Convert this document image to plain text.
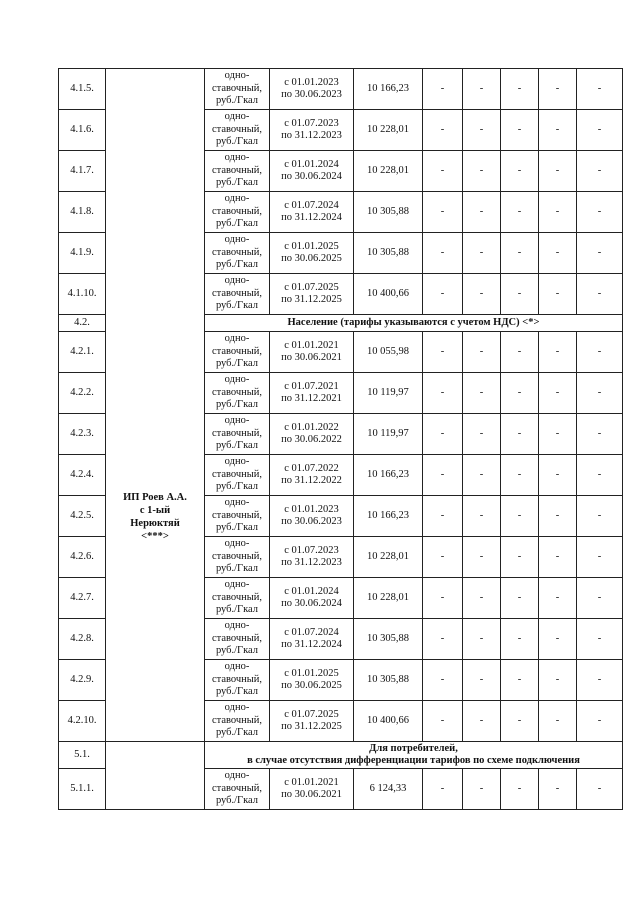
4.1.5.	ИП Роев А.А.
с 1-ый
Нерюктяй
<***>	одно-
ставочный,
руб./Гкал	с 01.01.2023
по 30.06.2023	10 166,23	-	-	-	-	-
4.1.6.		одно-
ставочный,
руб./Гкал	с 01.07.2023
по 31.12.2023	10 228,01	-	-	-	-	-
4.1.7.		одно-
ставочный,
руб./Гкал	с 01.01.2024
по 30.06.2024	10 228,01	-	-	-	-	-
4.1.8.		одно-
ставочный,
руб./Гкал	с 01.07.2024
по 31.12.2024	10 305,88	-	-	-	-	-
4.1.9.		одно-
ставочный,
руб./Гкал	с 01.01.2025
по 30.06.2025	10 305,88	-	-	-	-	-
4.1.10.		одно-
ставочный,
руб./Гкал	с 01.07.2025
по 31.12.2025	10 400,66	-	-	-	-	-
4.2.		Население (тарифы указываются с учетом НДС) <*>							
4.2.1.		одно-
ставочный,
руб./Гкал	с 01.01.2021
по 30.06.2021	10 055,98	-	-	-	-	-
4.2.2.		одно-
ставочный,
руб./Гкал	с 01.07.2021
по 31.12.2021	10 119,97	-	-	-	-	-
4.2.3.		одно-
ставочный,
руб./Гкал	с 01.01.2022
по 30.06.2022	10 119,97	-	-	-	-	-
4.2.4.		одно-
ставочный,
руб./Гкал	с 01.07.2022
по 31.12.2022	10 166,23	-	-	-	-	-
4.2.5.		одно-
ставочный,
руб./Гкал	с 01.01.2023
по 30.06.2023	10 166,23	-	-	-	-	-
4.2.6.		одно-
ставочный,
руб./Гкал	с 01.07.2023
по 31.12.2023	10 228,01	-	-	-	-	-
4.2.7.		одно-
ставочный,
руб./Гкал	с 01.01.2024
по 30.06.2024	10 228,01	-	-	-	-	-
4.2.8.		одно-
ставочный,
руб./Гкал	с 01.07.2024
по 31.12.2024	10 305,88	-	-	-	-	-
4.2.9.		одно-
ставочный,
руб./Гкал	с 01.01.2025
по 30.06.2025	10 305,88	-	-	-	-	-
4.2.10.		одно-
ставочный,
руб./Гкал	с 01.07.2025
по 31.12.2025	10 400,66	-	-	-	-	-
5.1.		Для потребителей,
в случае отсутствия дифференциации тарифов по схеме подключения							

5.1.1.		одно-
ставочный,
руб./Гкал	с 01.01.2021
по 30.06.2021	6 124,33	-	-	-	-	-
